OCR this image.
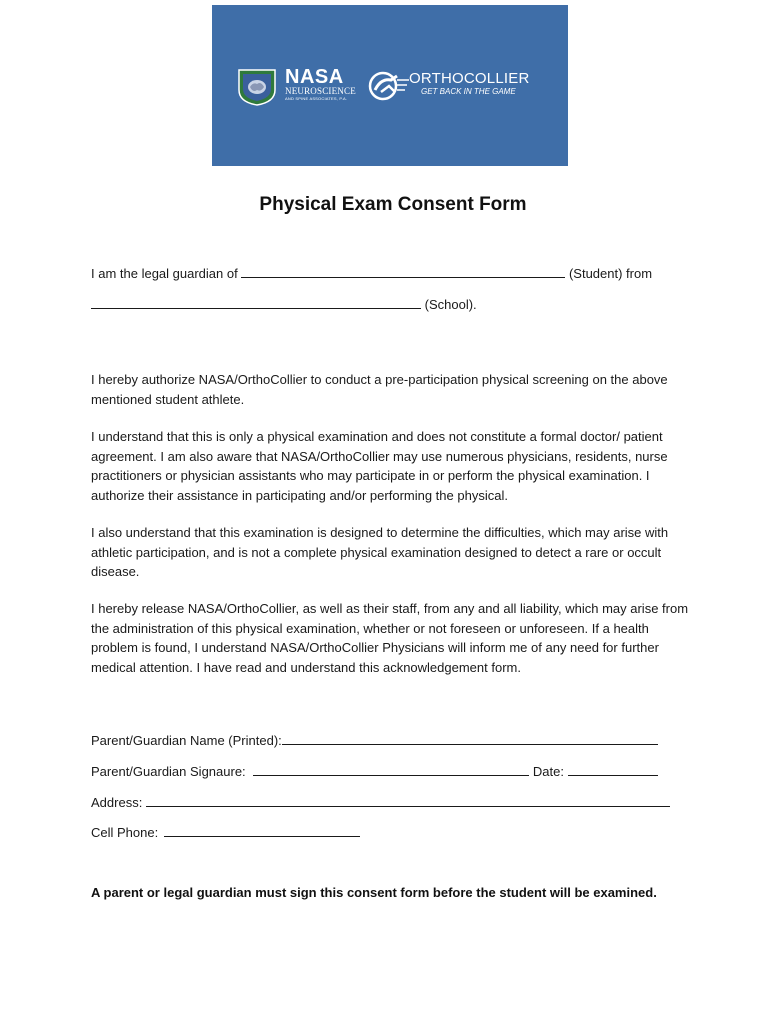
NASA
NEUROSCIENCE
AND SPINE ASSOCIATES, P.A.
ORTHOCOLLIER
GET BACK IN THE GAME
Physical Exam Consent Form
I am the legal guardian of	(Student) from
(School).

I hereby authorize NASA/OrthoCollier to conduct a pre-participation physical screening on the above mentioned student athlete.

I understand that this is only a physical examination and does not constitute a formal doctor/ patient agreement. I am also aware that NASA/OrthoCollier may use numerous physicians, residents, nurse practitioners or physician assistants who may participate in or perform the physical examination. I authorize their assistance in participating and/or performing the physical.

I also understand that this examination is designed to determine the difficulties, which may arise with athletic participation, and is not a complete physical examination designed to detect a rare or occult disease.

I hereby release NASA/OrthoCollier, as well as their staff, from any and all liability, which may arise from the administration of this physical examination, whether or not foreseen or unforeseen. If a health problem is found, I understand NASA/OrthoCollier Physicians will inform me of any need for further medical attention. I have read and understand this acknowledgement form.

Parent/Guardian Name (Printed):
Parent/Guardian Signaure:	Date:
Address:
Cell Phone:
A parent or legal guardian must sign this consent form before the student will be examined.
